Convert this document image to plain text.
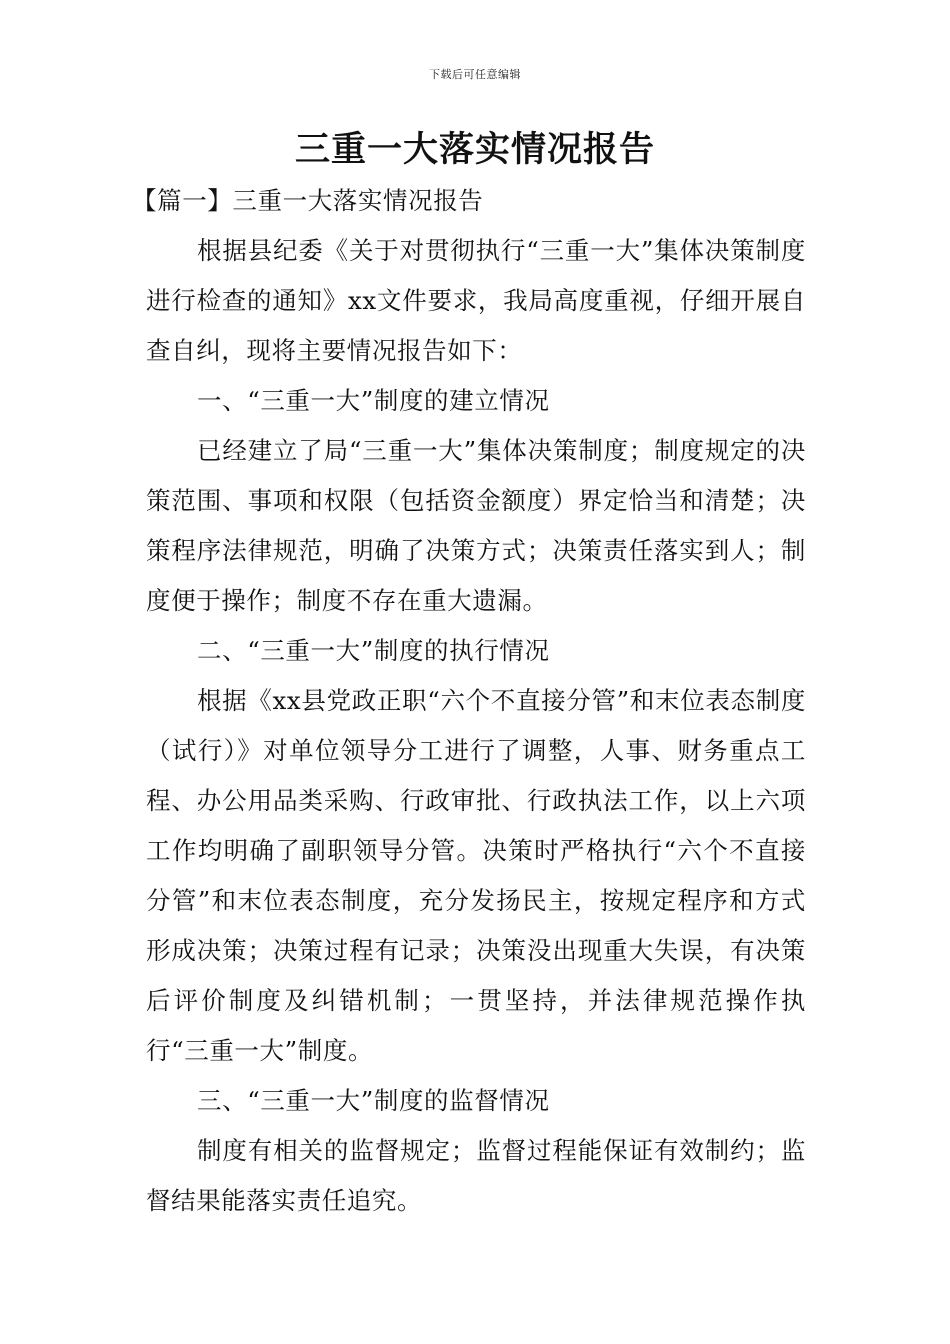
下载后可任意编辑
三重一大落实情况报告

【篇一】三重一大落实情况报告

根据县纪委《关于对贯彻执行“三重一大”集体决策制度进行检查的通知》xx文件要求，我局高度重视，仔细开展自查自纠，现将主要情况报告如下：

一、“三重一大”制度的建立情况

已经建立了局“三重一大”集体决策制度；制度规定的决策范围、事项和权限（包括资金额度）界定恰当和清楚；决策程序法律规范，明确了决策方式；决策责任落实到人；制度便于操作；制度不存在重大遗漏。

二、“三重一大”制度的执行情况

根据《xx县党政正职“六个不直接分管”和末位表态制度（试行）》对单位领导分工进行了调整，人事、财务重点工程、办公用品类采购、行政审批、行政执法工作，以上六项工作均明确了副职领导分管。决策时严格执行“六个不直接分管”和末位表态制度，充分发扬民主，按规定程序和方式形成决策；决策过程有记录；决策没出现重大失误，有决策后评价制度及纠错机制；一贯坚持，并法律规范操作执行“三重一大”制度。

三、“三重一大”制度的监督情况

制度有相关的监督规定；监督过程能保证有效制约；监督结果能落实责任追究。
